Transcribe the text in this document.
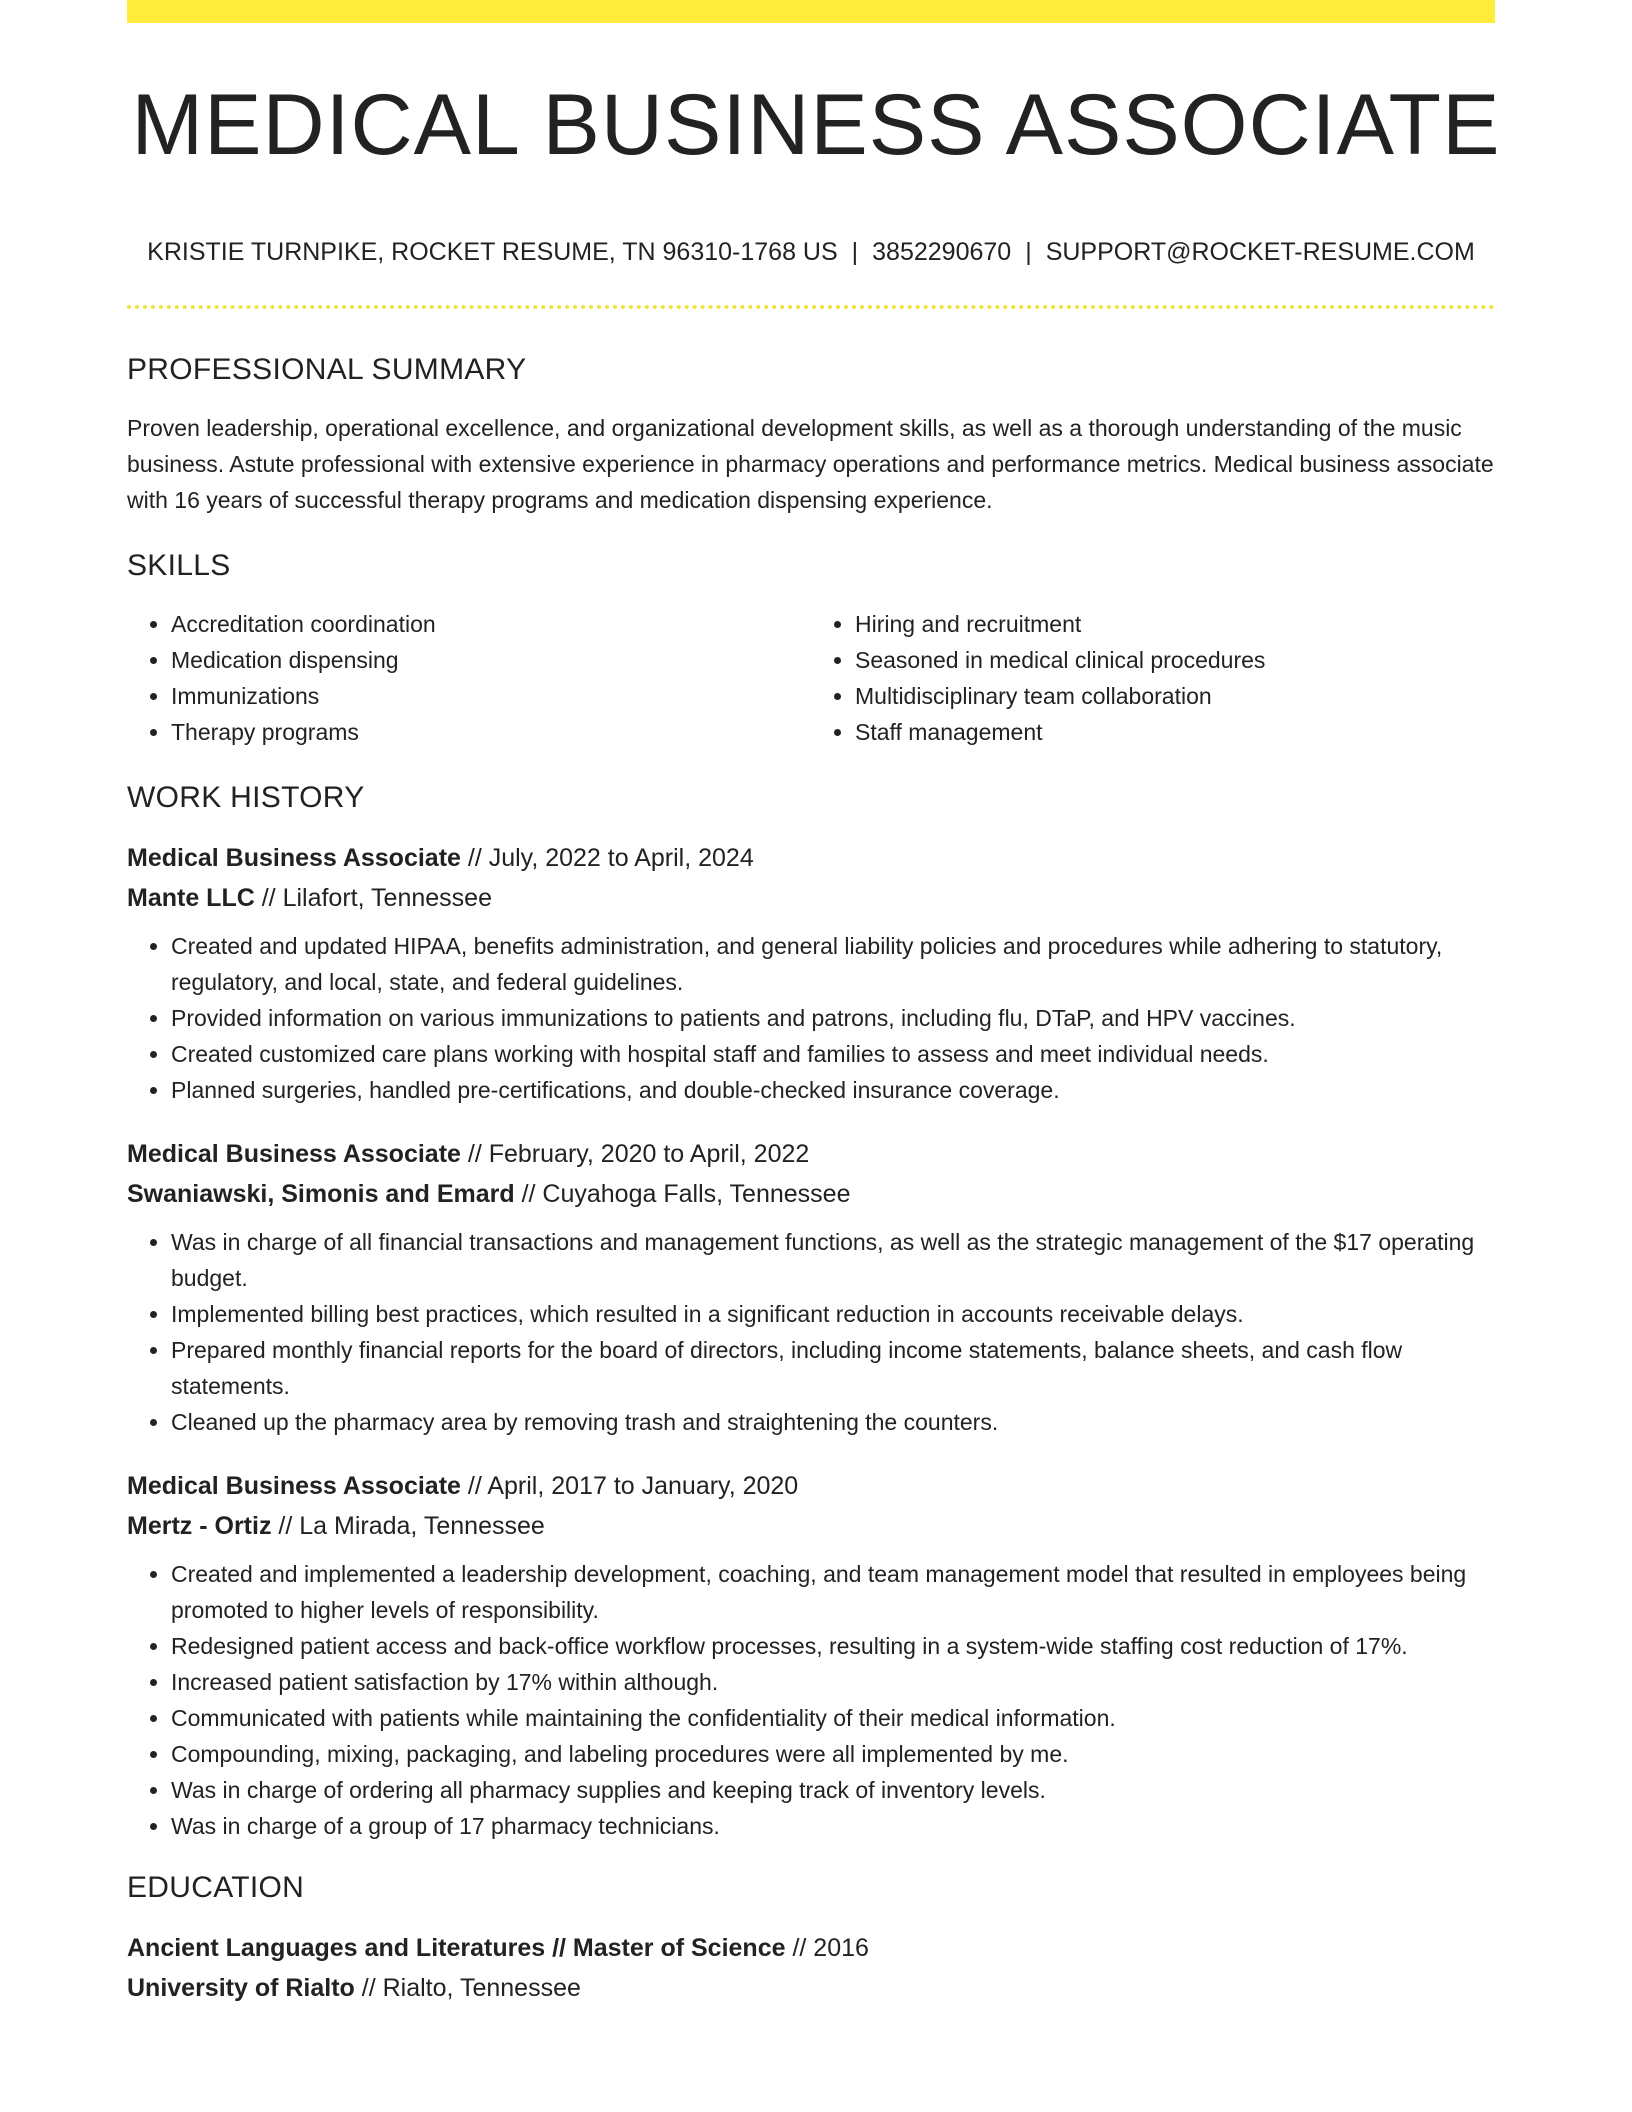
MEDICAL BUSINESS ASSOCIATE
KRISTIE TURNPIKE, ROCKET RESUME, TN 96310-1768 US | 3852290670 | SUPPORT@ROCKET-RESUME.COM
PROFESSIONAL SUMMARY

Proven leadership, operational excellence, and organizational development skills, as well as a thorough understanding of the music business. Astute professional with extensive experience in pharmacy operations and performance metrics. Medical business associate with 16 years of successful therapy programs and medication dispensing experience.

SKILLS
• Accreditation coordination
• Medication dispensing
• Immunizations
• Therapy programs
• Hiring and recruitment
• Seasoned in medical clinical procedures
• Multidisciplinary team collaboration
• Staff management
WORK HISTORY
Medical Business Associate // July, 2022 to April, 2024
Mante LLC // Lilafort, Tennessee
• Created and updated HIPAA, benefits administration, and general liability policies and procedures while adhering to statutory, regulatory, and local, state, and federal guidelines.
• Provided information on various immunizations to patients and patrons, including flu, DTaP, and HPV vaccines.
• Created customized care plans working with hospital staff and families to assess and meet individual needs.
• Planned surgeries, handled pre-certifications, and double-checked insurance coverage.
Medical Business Associate // February, 2020 to April, 2022
Swaniawski, Simonis and Emard // Cuyahoga Falls, Tennessee
• Was in charge of all financial transactions and management functions, as well as the strategic management of the $17 operating budget.
• Implemented billing best practices, which resulted in a significant reduction in accounts receivable delays.
• Prepared monthly financial reports for the board of directors, including income statements, balance sheets, and cash flow statements.
• Cleaned up the pharmacy area by removing trash and straightening the counters.
Medical Business Associate // April, 2017 to January, 2020
Mertz - Ortiz // La Mirada, Tennessee
• Created and implemented a leadership development, coaching, and team management model that resulted in employees being promoted to higher levels of responsibility.
• Redesigned patient access and back-office workflow processes, resulting in a system-wide staffing cost reduction of 17%.
• Increased patient satisfaction by 17% within although.
• Communicated with patients while maintaining the confidentiality of their medical information.
• Compounding, mixing, packaging, and labeling procedures were all implemented by me.
• Was in charge of ordering all pharmacy supplies and keeping track of inventory levels.
• Was in charge of a group of 17 pharmacy technicians.
EDUCATION
Ancient Languages and Literatures // Master of Science // 2016
University of Rialto // Rialto, Tennessee
